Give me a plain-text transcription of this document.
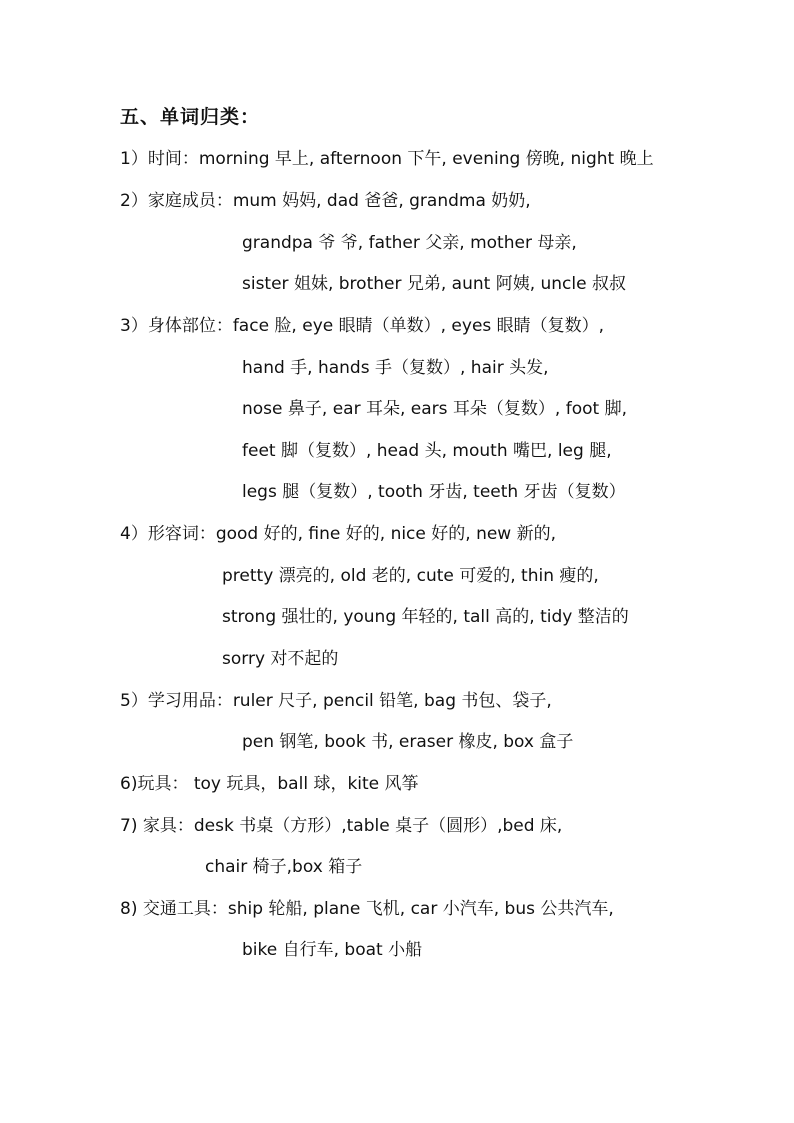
五、单词归类：
1）时间：morning 早上, afternoon 下午, evening 傍晚, night 晚上
2）家庭成员：mum 妈妈, dad 爸爸, grandma 奶奶,
grandpa 爷 爷, father 父亲, mother 母亲,
sister 姐妹, brother 兄弟, aunt 阿姨, uncle 叔叔
3）身体部位：face 脸, eye 眼睛（单数）, eyes 眼睛（复数）,
hand 手, hands 手（复数）, hair 头发,
nose 鼻子, ear 耳朵, ears 耳朵（复数）, foot 脚,
feet 脚（复数）, head 头, mouth 嘴巴, leg 腿,
legs 腿（复数）, tooth 牙齿, teeth 牙齿（复数）
4）形容词：good 好的, fine 好的, nice 好的, new 新的,
pretty 漂亮的, old 老的, cute 可爱的, thin 瘦的,
strong 强壮的, young 年轻的, tall 高的, tidy 整洁的
sorry 对不起的
5）学习用品：ruler 尺子, pencil 铅笔, bag 书包、袋子,
pen 钢笔, book 书, eraser 橡皮, box 盒子
6)玩具： toy 玩具，ball 球，kite 风筝
7) 家具：desk 书桌（方形）,table 桌子（圆形）,bed 床,
chair 椅子,box 箱子
8) 交通工具：ship 轮船, plane 飞机, car 小汽车, bus 公共汽车,
bike 自行车, boat 小船
